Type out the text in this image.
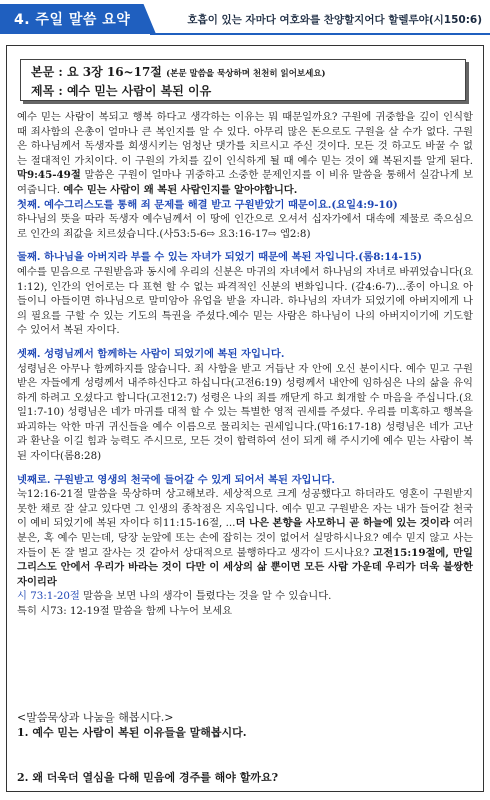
4. 주일 말씀 요약	호흡이 있는 자마다 여호와를 찬양할지어다 할렐루야(시150:6)
본문 : 요 3장 16~17절 (본문 말씀을 묵상하며 천천히 읽어보세요)
제목 : 예수 믿는 사람이 복된 이유

예수 믿는 사람이 복되고 행복 하다고 생각하는 이유는 뭐 때문일까요? 구원에 귀중함을 깊이 인식할 때 죄사함의 은총이 얼마나 큰 복인지를 알 수 있다. 아무리 많은 돈으로도 구원을 살 수가 없다. 구원은 하나님께서 독생자를 희생시키는 엄청난 댓가를 치르시고 주신 것이다. 모든 것 하고도 바꿀 수 없는 절대적인 가치이다. 이 구원의 가치를 깊이 인식하게 될 때 예수 믿는 것이 왜 복된지를 알게 된다. 막9:45-49절 말씀은 구원이 얼마나 귀중하고 소중한 문제인지를 이 비유 말씀을 통해서 실감나게 보여줍니다. 예수 믿는 사람이 왜 복된 사람인지를 알아야합니다.

첫째. 예수그리스도를 통해 죄 문제를 해결 받고 구원받았기 때문이요.(요일4:9-10)

하나님의 뜻을 따라 독생자 예수님께서 이 땅에 인간으로 오셔서 십자가에서 대속에 제물로 죽으심으로 인간의 죄값을 치르셨습니다.(사53:5-6⇨ 요3:16-17⇨ 엡2:8)

둘째. 하나님을 아버지라 부를 수 있는 자녀가 되었기 때문에 복된 자입니다.(롬8:14-15)

예수를 믿음으로 구원받음과 동시에 우리의 신분은 마귀의 자녀에서 하나님의 자녀로 바뀌었습니다(요1:12), 인간의 언어로는 다 표현 할 수 없는 파격적인 신분의 변화입니다. (갈4:6-7)...종이 아니요 아들이니 아들이면 하나님으로 말미암아 유업을 받을 자니라. 하나님의 자녀가 되었기에 아버지에게 나의 필요를 구할 수 있는 기도의 특권을 주셨다.예수 믿는 사람은 하나님이 나의 아버지이기에 기도할 수 있어서 복된 자이다.

셋째. 성령님께서 함께하는 사람이 되었기에 복된 자입니다.

성령님은 아무나 함께하지를 않습니다. 죄 사함을 받고 거듭난 자 안에 오신 분이시다. 예수 믿고 구원받은 자들에게 성령께서 내주하신다고 하십니다(고전6:19) 성령께서 내안에 임하심은 나의 삶을 유익하게 하려고 오셨다고 합니다(고전12:7) 성령은 나의 죄를 깨닫게 하고 회개할 수 마음을 주십니다.(요일1:7-10) 성령님은 네가 마귀를 대적 할 수 있는 특별한 영적 권세를 주셨다. 우리를 미혹하고 행복을 파괴하는 악한 마귀 귀신들을 예수 이름으로 물리치는 권세입니다.(막16:17-18) 성령님은 네가 고난과 환난을 이길 힘과 능력도 주시므로, 모든 것이 합력하여 선이 되게 해 주시기에 예수 믿는 사람이 복된 자이다(롬8:28)

넷째로. 구원받고 영생의 천국에 들어갈 수 있게 되어서 복된 자입니다.

눅12:16-21절 말씀을 묵상하며 상고해보라. 세상적으로 크게 성공했다고 하더라도 영혼이 구원받지 못한 채로 잘 살고 있다면 그 인생의 종착점은 지옥입니다. 예수 믿고 구원받은 자는 내가 들어갈 천국이 예비 되었기에 복된 자이다 히11:15-16절, ...더 나은 본향을 사모하니 곧 하늘에 있는 것이라 여러분은, 혹 예수 믿는데, 당장 눈앞에 또는 손에 잡히는 것이 없어서 실망하시나요? 예수 믿지 않고 사는 자들이 돈 잘 벌고 잘사는 것 같아서 상대적으로 불행하다고 생각이 드시나요? 고전15:19절에, 만일 그리스도 안에서 우리가 바라는 것이 다만 이 세상의 삶 뿐이면 모든 사람 가운데 우리가 더욱 불쌍한 자이리라
시 73:1-20절 말씀을 보면 나의 생각이 틀렸다는 것을 알 수 있습니다.

특히 시73: 12-19절 말씀을 함께 나누어 보세요

<말씀묵상과 나눔을 해봅시다.>

1. 예수 믿는 사람이 복된 이유들을 말해봅시다.

2. 왜 더욱더 열심을 다해 믿음에 경주를 해야 할까요?
